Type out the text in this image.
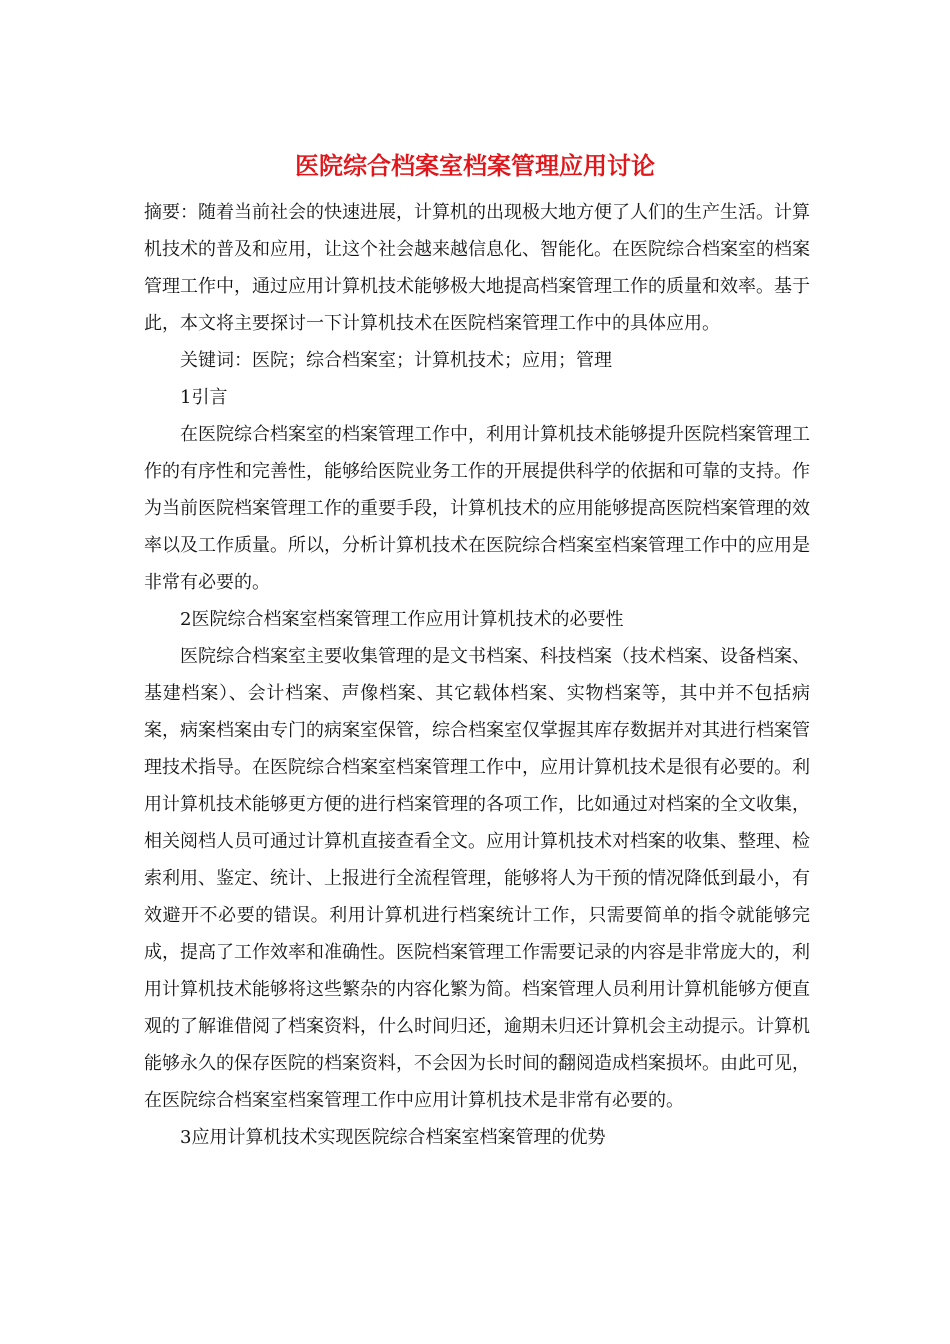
医院综合档案室档案管理应用讨论

摘要：随着当前社会的快速进展，计算机的出现极大地方便了人们的生产生活。计算机技术的普及和应用，让这个社会越来越信息化、智能化。在医院综合档案室的档案管理工作中，通过应用计算机技术能够极大地提高档案管理工作的质量和效率。基于此，本文将主要探讨一下计算机技术在医院档案管理工作中的具体应用。

关键词：医院；综合档案室；计算机技术；应用；管理

1引言

在医院综合档案室的档案管理工作中，利用计算机技术能够提升医院档案管理工作的有序性和完善性，能够给医院业务工作的开展提供科学的依据和可靠的支持。作为当前医院档案管理工作的重要手段，计算机技术的应用能够提高医院档案管理的效率以及工作质量。所以，分析计算机技术在医院综合档案室档案管理工作中的应用是非常有必要的。

2医院综合档案室档案管理工作应用计算机技术的必要性

医院综合档案室主要收集管理的是文书档案、科技档案（技术档案、设备档案、基建档案）、会计档案、声像档案、其它载体档案、实物档案等，其中并不包括病案，病案档案由专门的病案室保管，综合档案室仅掌握其库存数据并对其进行档案管理技术指导。在医院综合档案室档案管理工作中，应用计算机技术是很有必要的。利用计算机技术能够更方便的进行档案管理的各项工作，比如通过对档案的全文收集，相关阅档人员可通过计算机直接查看全文。应用计算机技术对档案的收集、整理、检索利用、鉴定、统计、上报进行全流程管理，能够将人为干预的情况降低到最小，有效避开不必要的错误。利用计算机进行档案统计工作，只需要简单的指令就能够完成，提高了工作效率和准确性。医院档案管理工作需要记录的内容是非常庞大的，利用计算机技术能够将这些繁杂的内容化繁为简。档案管理人员利用计算机能够方便直观的了解谁借阅了档案资料，什么时间归还，逾期未归还计算机会主动提示。计算机能够永久的保存医院的档案资料，不会因为长时间的翻阅造成档案损坏。由此可见，在医院综合档案室档案管理工作中应用计算机技术是非常有必要的。

3应用计算机技术实现医院综合档案室档案管理的优势
